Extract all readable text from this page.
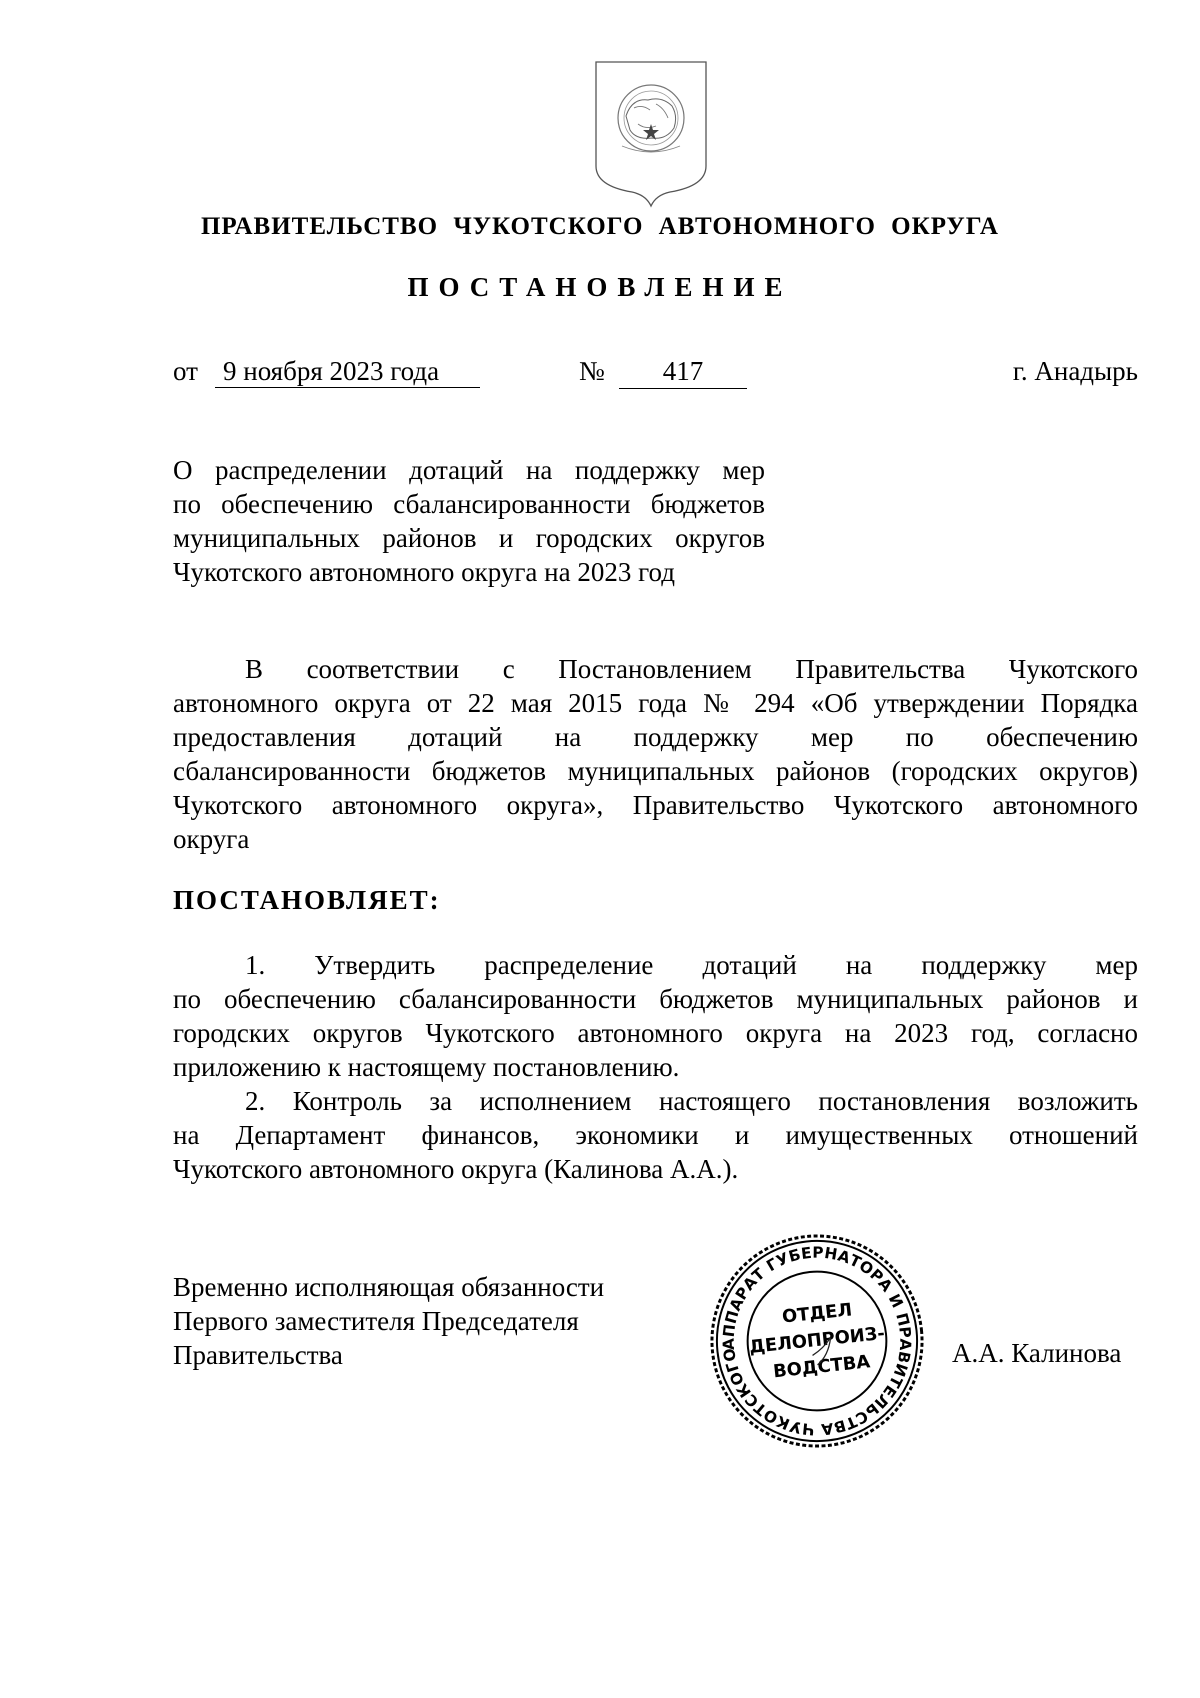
ПРАВИТЕЛЬСТВО ЧУКОТСКОГО АВТОНОМНОГО ОКРУГА
ПОСТАНОВЛЕНИЕ
от 9 ноября 2023 года	№	417	г. Анадырь
О распределении дотаций на поддержку мер
по обеспечению сбалансированности бюджетов
муниципальных районов и городских округов
Чукотского автономного округа на 2023 год
В соответствии с Постановлением Правительства Чукотского
автономного округа от 22 мая 2015 года № 294 «Об утверждении Порядка
предоставления дотаций на поддержку мер по обеспечению
сбалансированности бюджетов муниципальных районов (городских округов)
Чукотского автономного округа», Правительство Чукотского автономного
округа
ПОСТАНОВЛЯЕТ:
1. Утвердить распределение дотаций на поддержку мер
по обеспечению сбалансированности бюджетов муниципальных районов и
городских округов Чукотского автономного округа на 2023 год, согласно
приложению к настоящему постановлению.
2. Контроль за исполнением настоящего постановления возложить
на Департамент финансов, экономики и имущественных отношений
Чукотского автономного округа (Калинова А.А.).
Временно исполняющая обязанности
Первого заместителя Председателя
Правительства	АППАРАТ ГУБЕРНАТОРА И ПРАВИТЕЛЬСТВА ЧУКОТСКОГО
ОТДЕЛ
ДЕЛОПРОИЗ-
ВОДСТВА	А.А. Калинова
